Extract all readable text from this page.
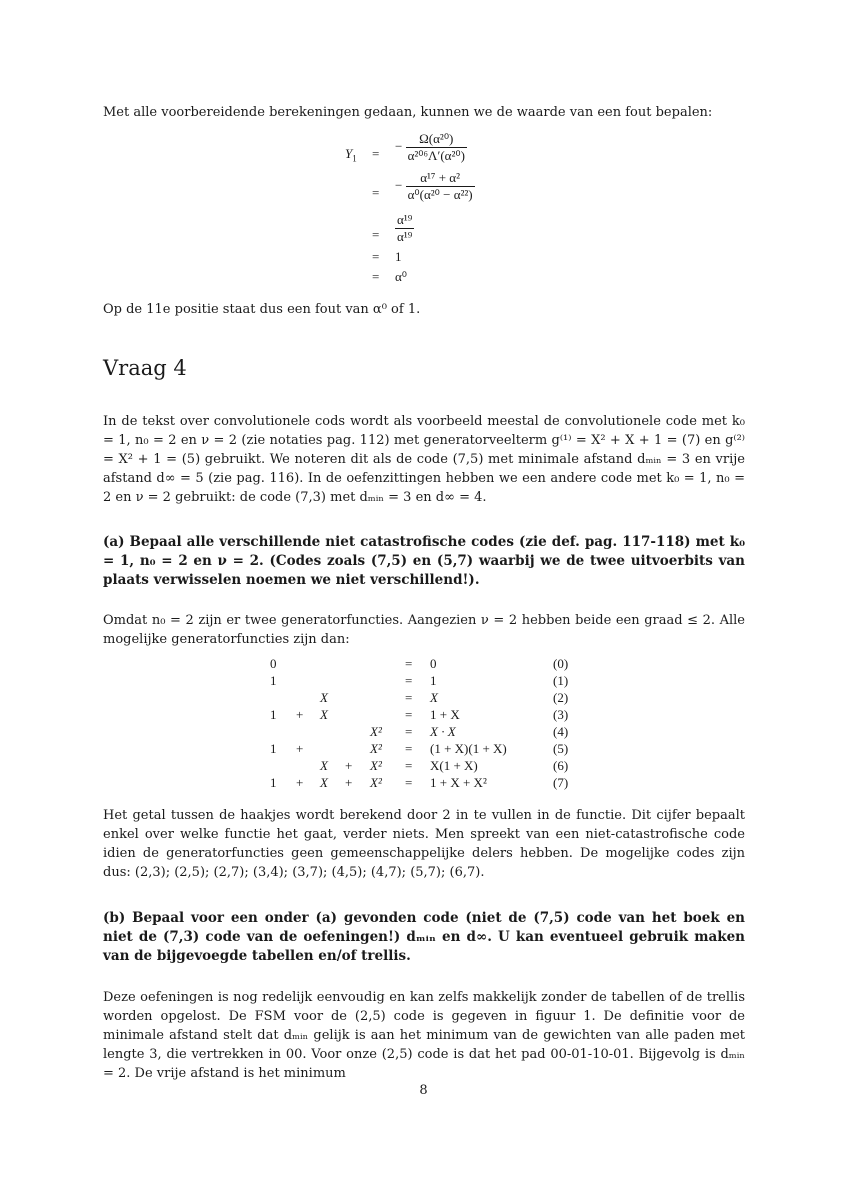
Met alle voorbereidende berekeningen gedaan, kunnen we de waarde van een fout bepalen:
$Y_1$ =
− $\frac{\text{Ω(α²⁰)}}{\text{α²⁰⁶Λ′(α²⁰)}}$
=
− $\frac{\text{α¹⁷ + α²}}{\text{α⁰(α²⁰ − α²²)}}$
= $\frac{\text{α¹⁹}}{\text{α¹⁹}}$
= 1
= α⁰
Op de 11e positie staat dus een fout van α⁰ of 1.
Vraag 4
In de tekst over convolutionele cods wordt als voorbeeld meestal de convolutionele code met k₀ = 1, n₀ = 2 en ν = 2 (zie notaties pag. 112) met generatorveelterm g⁽¹⁾ = X² + X + 1 = (7) en g⁽²⁾ = X² + 1 = (5) gebruikt. We noteren dit als de code (7,5) met minimale afstand dₘᵢₙ = 3 en vrije afstand d∞ = 5 (zie pag. 116). In de oefenzittingen hebben we een andere code met k₀ = 1, n₀ = 2 en ν = 2 gebruikt: de code (7,3) met dₘᵢₙ = 3 en d∞ = 4.
(a) Bepaal alle verschillende niet catastrofische codes (zie def. pag. 117-118) met k₀ = 1, n₀ = 2 en ν = 2. (Codes zoals (7,5) en (5,7) waarbij we de twee uitvoerbits van plaats verwisselen noemen we niet verschillend!).
Omdat n₀ = 2 zijn er twee generatorfuncties. Aangezien ν = 2 hebben beide een graad ≤ 2. Alle mogelijke generatorfuncties zijn dan:
0	= 0	(0)
1	= 1	(1)
X	= X	(2)
1 + X	= 1 + X	(3)
X² = X · X	(4)
1 +	X² = (1 + X)(1 + X)	(5)
X + X² = X(1 + X)	(6)
1 + X + X² = 1 + X + X²	(7)
Het getal tussen de haakjes wordt berekend door 2 in te vullen in de functie. Dit cijfer bepaalt enkel over welke functie het gaat, verder niets. Men spreekt van een niet-catastrofische code idien de generatorfuncties geen gemeenschappelijke delers hebben. De mogelijke codes zijn dus: (2,3); (2,5); (2,7); (3,4); (3,7); (4,5); (4,7); (5,7); (6,7).
(b) Bepaal voor een onder (a) gevonden code (niet de (7,5) code van het boek en niet de (7,3) code van de oefeningen!) dₘᵢₙ en d∞. U kan eventueel gebruik maken van de bijgevoegde tabellen en/of trellis.
Deze oefeningen is nog redelijk eenvoudig en kan zelfs makkelijk zonder de tabellen of de trellis worden opgelost. De FSM voor de (2,5) code is gegeven in figuur 1. De definitie voor de minimale afstand stelt dat dₘᵢₙ gelijk is aan het minimum van de gewichten van alle paden met lengte 3, die vertrekken in 00. Voor onze (2,5) code is dat het pad 00-01-10-01. Bijgevolg is dₘᵢₙ = 2. De vrije afstand is het minimum
8
